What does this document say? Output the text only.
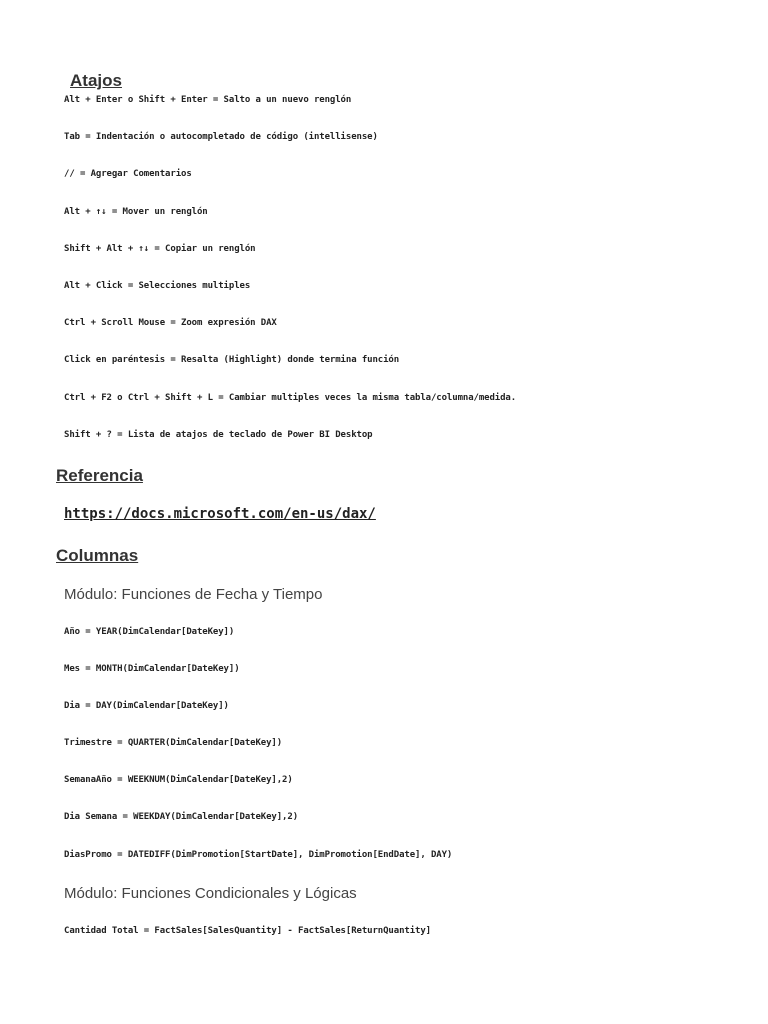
Atajos
Alt + Enter o Shift + Enter = Salto a un nuevo renglón
Tab = Indentación o autocompletado de código (intellisense)
// = Agregar Comentarios
Alt + ↑↓ = Mover un renglón
Shift + Alt + ↑↓ = Copiar un renglón
Alt + Click = Selecciones multiples
Ctrl + Scroll Mouse = Zoom expresión DAX
Click en paréntesis = Resalta (Highlight) donde termina función
Ctrl + F2 o Ctrl + Shift + L = Cambiar multiples veces la misma tabla/columna/medida.
Shift + ? = Lista de atajos de teclado de Power BI Desktop
Referencia
https://docs.microsoft.com/en-us/dax/
Columnas
Módulo: Funciones de Fecha y Tiempo
Año = YEAR(DimCalendar[DateKey])
Mes = MONTH(DimCalendar[DateKey])
Dia = DAY(DimCalendar[DateKey])
Trimestre = QUARTER(DimCalendar[DateKey])
SemanaAño = WEEKNUM(DimCalendar[DateKey],2)
Dia Semana = WEEKDAY(DimCalendar[DateKey],2)
DiasPromo = DATEDIFF(DimPromotion[StartDate], DimPromotion[EndDate], DAY)
Módulo: Funciones Condicionales y Lógicas
Cantidad Total = FactSales[SalesQuantity] - FactSales[ReturnQuantity]
